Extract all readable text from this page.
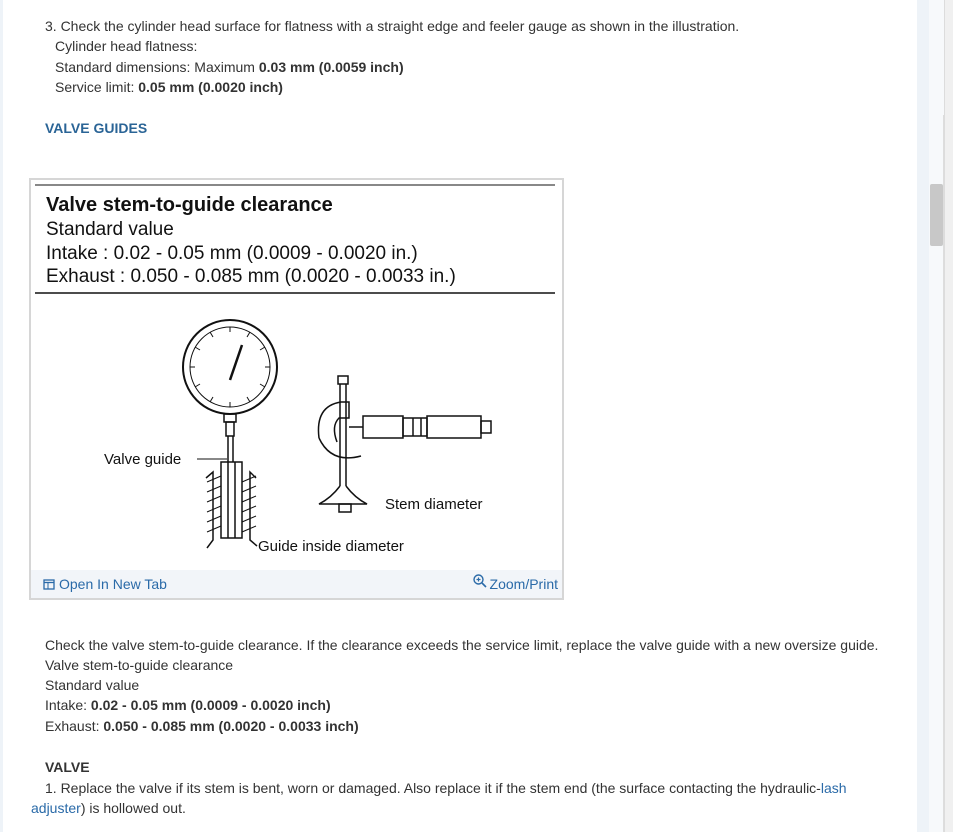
3. Check the cylinder head surface for flatness with a straight edge and feeler gauge as shown in the illustration.
Cylinder head flatness:
Standard dimensions: Maximum 0.03 mm (0.0059 inch)
Service limit: 0.05 mm (0.0020 inch)
VALVE GUIDES
Valve stem-to-guide clearance
Standard value
Intake : 0.02 - 0.05 mm (0.0009 - 0.0020 in.)
Exhaust : 0.050 - 0.085 mm (0.0020 - 0.0033 in.)
Valve guide
Stem diameter
Guide inside diameter
Open In New Tab	Zoom/Print
Check the valve stem-to-guide clearance. If the clearance exceeds the service limit, replace the valve guide with a new oversize guide.
Valve stem-to-guide clearance
Standard value
Intake: 0.02 - 0.05 mm (0.0009 - 0.0020 inch)
Exhaust: 0.050 - 0.085 mm (0.0020 - 0.0033 inch)
VALVE
1. Replace the valve if its stem is bent, worn or damaged. Also replace it if the stem end (the surface contacting the hydraulic-lash
adjuster) is hollowed out.
